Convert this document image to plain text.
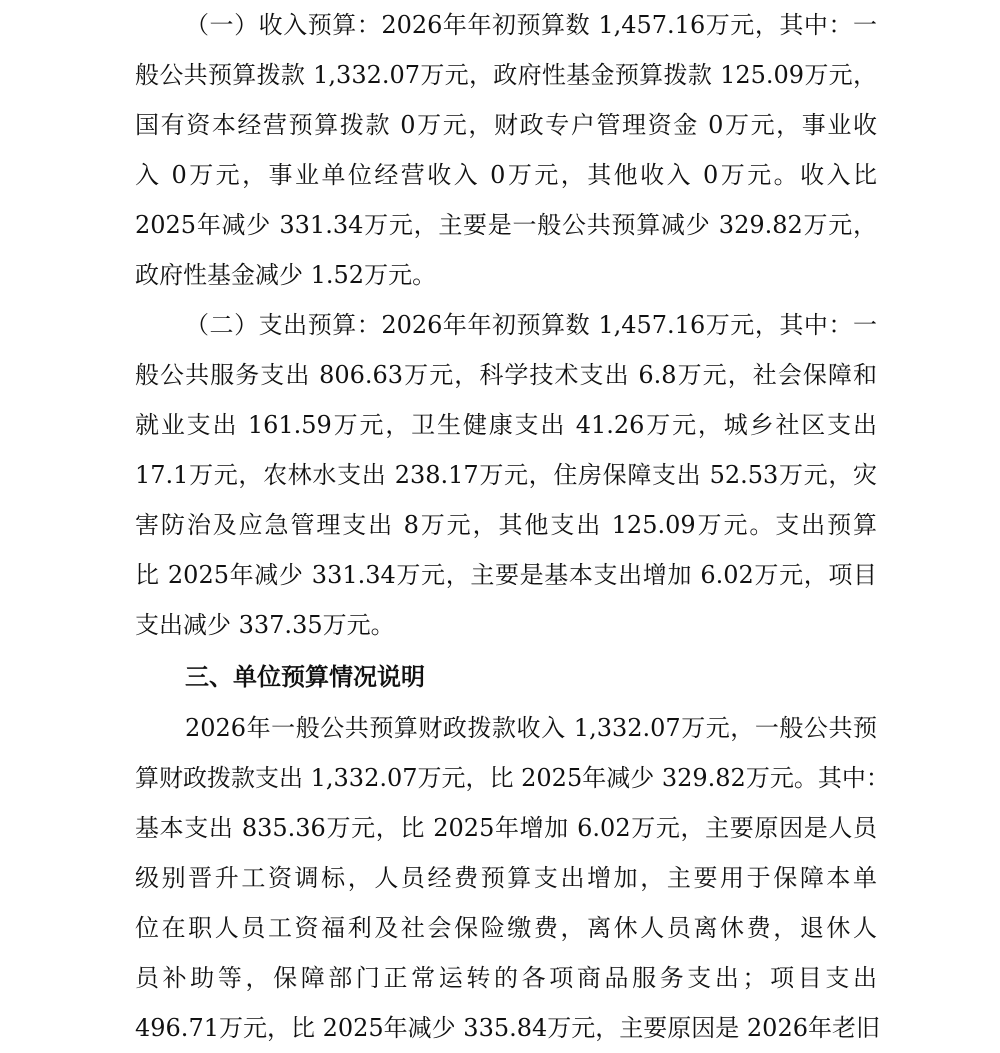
（一）收入预算：2026年年初预算数 1,457.16万元，其中：一
般公共预算拨款 1,332.07万元，政府性基金预算拨款 125.09万元，
国有资本经营预算拨款 0万元，财政专户管理资金 0万元，事业收
入 0万元，事业单位经营收入 0万元，其他收入 0万元。收入比
2025年减少 331.34万元，主要是一般公共预算减少 329.82万元，
政府性基金减少 1.52万元。
（二）支出预算：2026年年初预算数 1,457.16万元，其中：一
般公共服务支出 806.63万元，科学技术支出 6.8万元，社会保障和
就业支出 161.59万元，卫生健康支出 41.26万元，城乡社区支出
17.1万元，农林水支出 238.17万元，住房保障支出 52.53万元，灾
害防治及应急管理支出 8万元，其他支出 125.09万元。支出预算
比 2025年减少 331.34万元，主要是基本支出增加 6.02万元，项目
支出减少 337.35万元。
三、单位预算情况说明
2026年一般公共预算财政拨款收入 1,332.07万元，一般公共预
算财政拨款支出 1,332.07万元，比 2025年减少 329.82万元。其中：
基本支出 835.36万元，比 2025年增加 6.02万元，主要原因是人员
级别晋升工资调标，人员经费预算支出增加，主要用于保障本单
位在职人员工资福利及社会保险缴费，离休人员离休费，退休人
员补助等，保障部门正常运转的各项商品服务支出；项目支出
496.71万元，比 2025年减少 335.84万元，主要原因是 2026年老旧
